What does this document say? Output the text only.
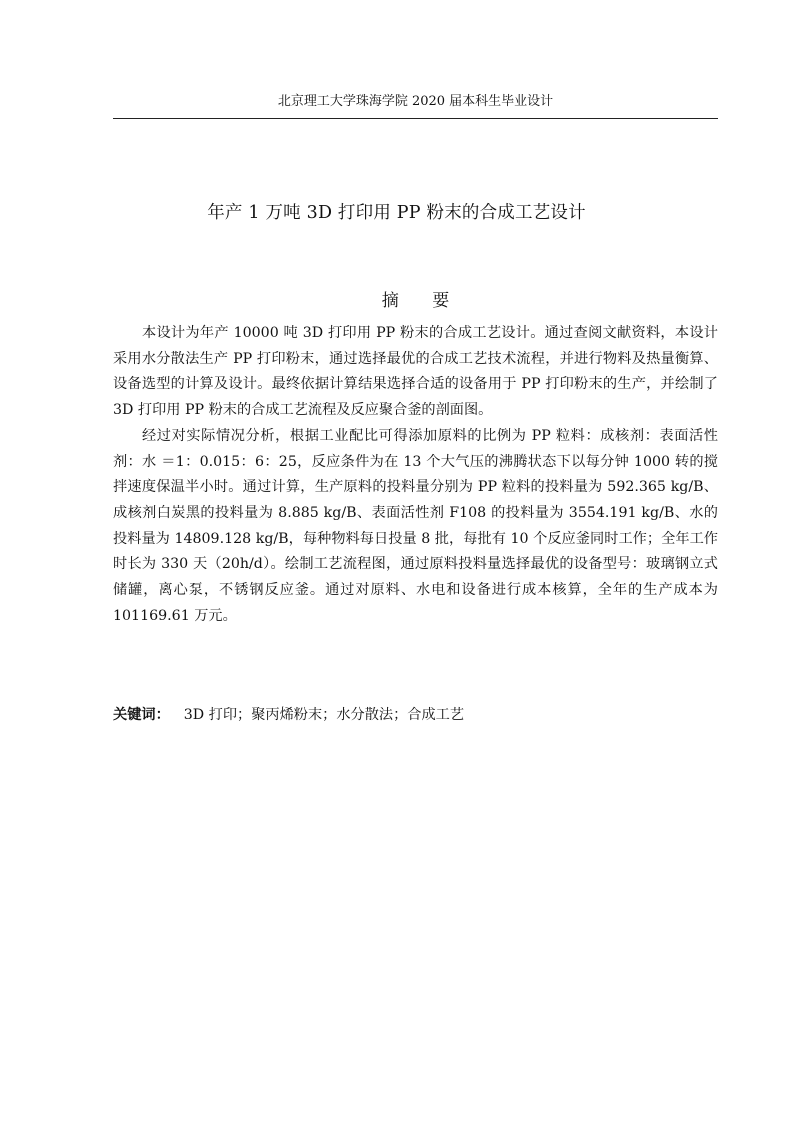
北京理工大学珠海学院 2020 届本科生毕业设计
年产 1 万吨 3D 打印用 PP 粉末的合成工艺设计
摘 要

本设计为年产 10000 吨 3D 打印用 PP 粉末的合成工艺设计。通过查阅文献资料，本设计采用水分散法生产 PP 打印粉末，通过选择最优的合成工艺技术流程，并进行物料及热量衡算、设备选型的计算及设计。最终依据计算结果选择合适的设备用于 PP 打印粉末的生产，并绘制了 3D 打印用 PP 粉末的合成工艺流程及反应聚合釜的剖面图。

经过对实际情况分析，根据工业配比可得添加原料的比例为 PP 粒料：成核剂：表面活性剂：水 ＝1：0.015：6：25，反应条件为在 13 个大气压的沸腾状态下以每分钟 1000 转的搅拌速度保温半小时。通过计算，生产原料的投料量分别为 PP 粒料的投料量为 592.365 kg/B、成核剂白炭黑的投料量为 8.885 kg/B、表面活性剂 F108 的投料量为 3554.191 kg/B、水的投料量为 14809.128 kg/B，每种物料每日投量 8 批，每批有 10 个反应釜同时工作；全年工作时长为 330 天（20h/d）。绘制工艺流程图，通过原料投料量选择最优的设备型号：玻璃钢立式储罐，离心泵，不锈钢反应釜。通过对原料、水电和设备进行成本核算，全年的生产成本为 101169.61 万元。

关键词： 3D 打印；聚丙烯粉末；水分散法；合成工艺
